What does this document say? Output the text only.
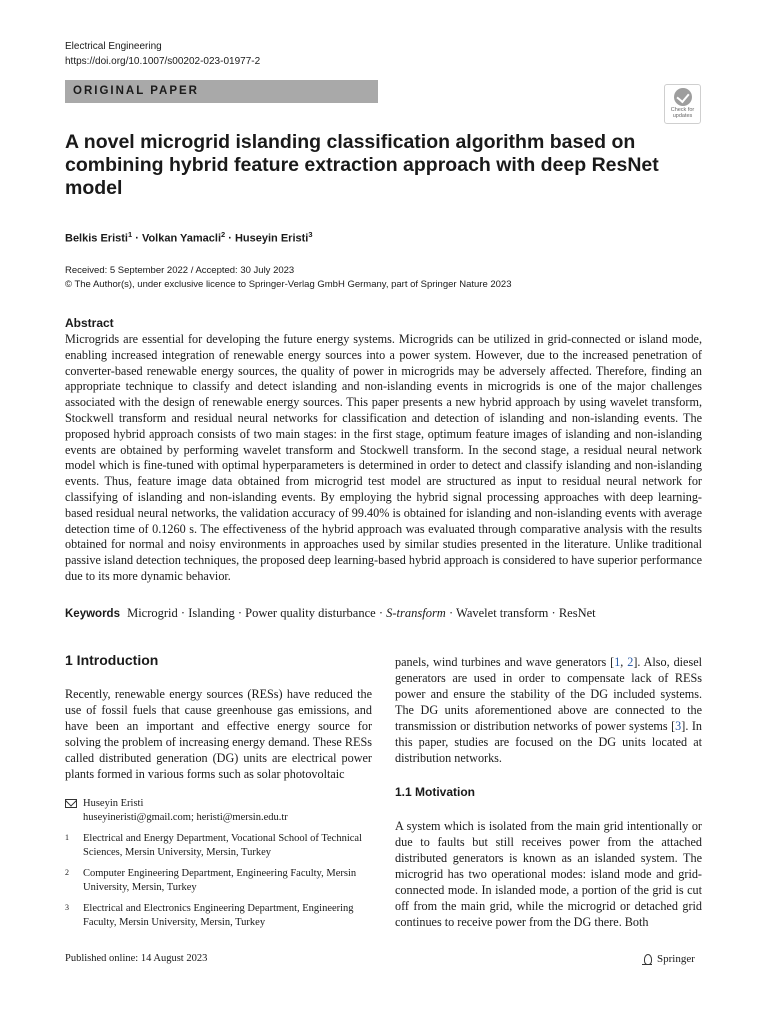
Electrical Engineering
https://doi.org/10.1007/s00202-023-01977-2
ORIGINAL PAPER
Check for
updates
A novel microgrid islanding classification algorithm based on combining hybrid feature extraction approach with deep ResNet model
Belkis Eristi$^1$ · Volkan Yamacli$^2$ · Huseyin Eristi$^3$
Received: 5 September 2022 / Accepted: 30 July 2023
© The Author(s), under exclusive licence to Springer-Verlag GmbH Germany, part of Springer Nature 2023
Abstract
Microgrids are essential for developing the future energy systems. Microgrids can be utilized in grid-connected or island mode, enabling increased integration of renewable energy sources into a power system. However, due to the increased penetration of converter-based renewable energy sources, the quality of power in microgrids may be adversely affected. Therefore, finding an appropriate technique to classify and detect islanding and non-islanding events in microgrids is one of the major challenges associated with the design of renewable energy sources. This paper presents a new hybrid approach by using wavelet transform, Stockwell transform and residual neural networks for classification and detection of islanding and non-islanding events. The proposed hybrid approach consists of two main stages: in the first stage, optimum feature images of islanding and non-islanding events are obtained by performing wavelet transform and Stockwell transform. In the second stage, a residual neural network model which is fine-tuned with optimal hyperparameters is determined in order to detect and classify islanding and non-islanding events. Thus, feature image data obtained from microgrid test model are structured as input to residual neural network for classifying of islanding and non-islanding events. By employing the hybrid signal processing approaches with deep learning-based residual neural networks, the validation accuracy of 99.40% is obtained for islanding and non-islanding events with average detection time of 0.1260 s. The effectiveness of the hybrid approach was evaluated through comparative analysis with the results obtained for normal and noisy environments in approaches used by similar studies presented in the literature. Unlike traditional passive island detection techniques, the proposed deep learning-based hybrid approach is considered to have superior performance due to its more dynamic behavior.
Keywords Microgrid · Islanding · Power quality disturbance · S-transform · Wavelet transform · ResNet
1 Introduction
Recently, renewable energy sources (RESs) have reduced the use of fossil fuels that cause greenhouse gas emissions, and have been an important and effective energy source for solving the problem of increasing energy demand. These RESs called distributed generation (DG) units are electrical power plants formed in various forms such as solar photovoltaic
Huseyin Eristi
huseyineristi@gmail.com; heristi@mersin.edu.tr
1	Electrical and Energy Department, Vocational School of Technical Sciences, Mersin University, Mersin, Turkey
2	Computer Engineering Department, Engineering Faculty, Mersin University, Mersin, Turkey
3	Electrical and Electronics Engineering Department, Engineering Faculty, Mersin University, Mersin, Turkey
panels, wind turbines and wave generators [1, 2]. Also, diesel generators are used in order to compensate lack of RESs power and ensure the stability of the DG included systems. The DG units aforementioned above are connected to the transmission or distribution networks of power systems [3]. In this paper, studies are focused on the DG units located at distribution networks.
1.1 Motivation
A system which is isolated from the main grid intentionally or due to faults but still receives power from the attached distributed generators is known as an islanded system. The microgrid has two operational modes: island mode and grid-connected mode. In islanded mode, a portion of the grid is cut off from the main grid, while the microgrid or detached grid continues to receive power from the DG there. Both
Published online: 14 August 2023	Springer
